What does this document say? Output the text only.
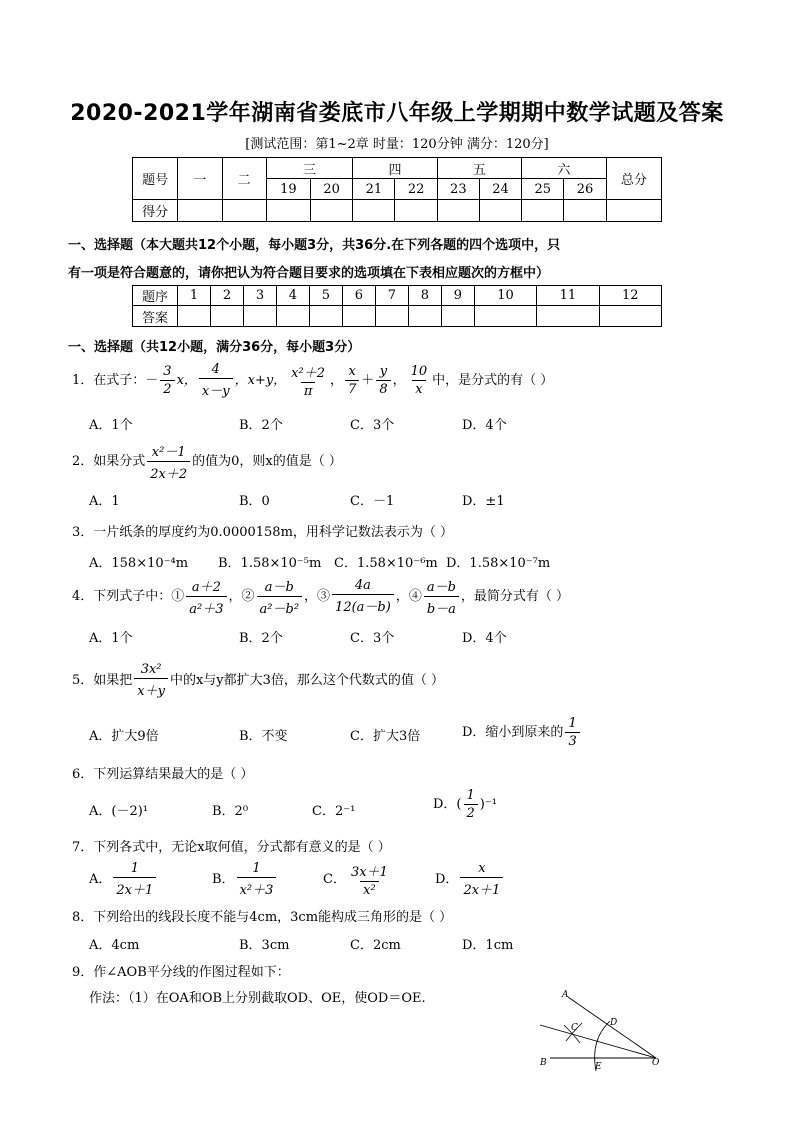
2020-2021学年湖南省娄底市八年级上学期期中数学试题及答案
[测试范围：第1~2章 时量：120分钟 满分：120分]
题号	一	二	三		四		五		六		总分
			19	20	21	22	23	24	25	26	
得分											
一、选择题（本大题共12个小题，每小题3分，共36分.在下列各题的四个选项中，只
有一项是符合题意的，请你把认为符合题目要求的选项填在下表相应题次的方框中）
题序	1	2	3	4	5	6	7	8	9	10	11	12
答案												
一、选择题（共12小题，满分36分，每小题3分）
1．在式子：－ $\frac{3}{2}$ x， $\frac{4}{x-y}$ ，x+y， $\frac{\text{x²＋2}}{\pi}$ ， $\frac{x}{7} + \frac{y}{8}$ ， $\frac{10}{x}$ 中，是分式的有（ ）
A．1个	B．2个	C．3个	D．4个
2．如果分式 $\frac{\text{x²－1}}{2x+2}$ 的值为0，则x的值是（ ）
A．1	B．0	C．－1	D．±1
3．一片纸条的厚度约为0.0000158m，用科学记数法表示为（ ）
A．158×10⁻⁴m B．1.58×10⁻⁵m C．1.58×10⁻⁶m D．1.58×10⁻⁷m
4．下列式子中：① $\frac{a+2}{\text{a²＋3}}$ ，② $\frac{a-b}{\text{a²－b²}}$ ，③ $\frac{4a}{12(a-b)}$ ，④ $\frac{a-b}{b-a}$ ，最简分式有（ ）
A．1个	B．2个	C．3个	D．4个
5．如果把 $\frac{\text{3x²}}{x+y}$ 中的x与y都扩大3倍，那么这个代数式的值（ ）
A．扩大9倍	B．不变	C．扩大3倍	D．缩小到原来的 $\frac{1}{3}$
6．下列运算结果最大的是（ ）
A．(－2)¹	B．2⁰	C．2⁻¹	D．( $\frac{1}{2} )^{-1}$
7．下列各式中，无论x取何值，分式都有意义的是（ ）
A． $\frac{1}{2x+1}$	B． $\frac{1}{\text{x²＋3}}$	C． $\frac{3x+1}{\text{x²}}$	D． $\frac{x}{2x+1}$
8．下列给出的线段长度不能与4cm，3cm能构成三角形的是（ ）
A．4cm	B．3cm	C．2cm	D．1cm
9．作∠AOB平分线的作图过程如下：
作法：（1）在OA和OB上分别截取OD、OE，使OD＝OE.	A
D
C
B	E	O
